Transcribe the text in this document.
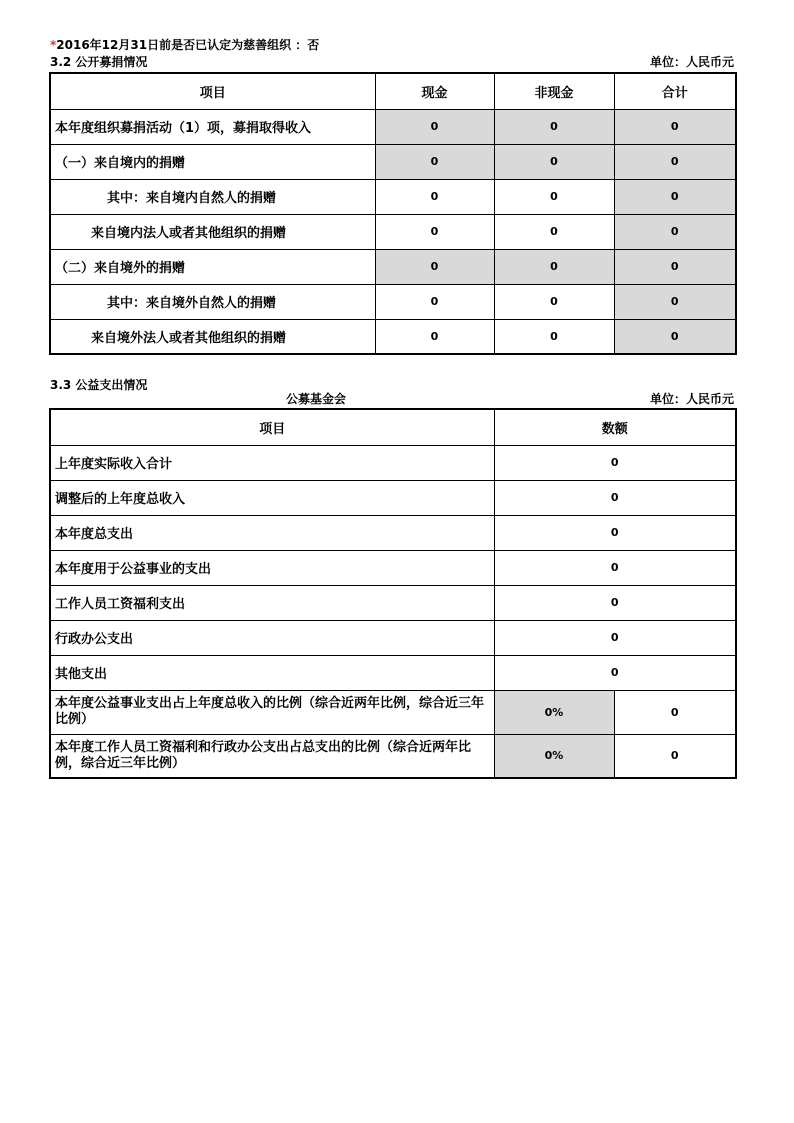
*2016年12月31日前是否已认定为慈善组织 ：否
3.2 公开募捐情况	单位：人民币元
项目	现金	非现金	合计
本年度组织募捐活动（1）项，募捐取得收入	0	0	0
（一）来自境内的捐赠	0	0	0
其中：来自境内自然人的捐赠	0	0	0
来自境内法人或者其他组织的捐赠	0	0	0
（二）来自境外的捐赠	0	0	0
其中：来自境外自然人的捐赠	0	0	0
来自境外法人或者其他组织的捐赠	0	0	0
3.3 公益支出情况
公募基金会	单位：人民币元
项目	数额	
上年度实际收入合计	0	
调整后的上年度总收入	0	
本年度总支出	0	
本年度用于公益事业的支出	0	
工作人员工资福利支出	0	
行政办公支出	0	
其他支出	0	
本年度公益事业支出占上年度总收入的比例（综合近两年比例，综合近三年比例）	0%	0
本年度工作人员工资福利和行政办公支出占总支出的比例（综合近两年比例，综合近三年比例）	0%	0
